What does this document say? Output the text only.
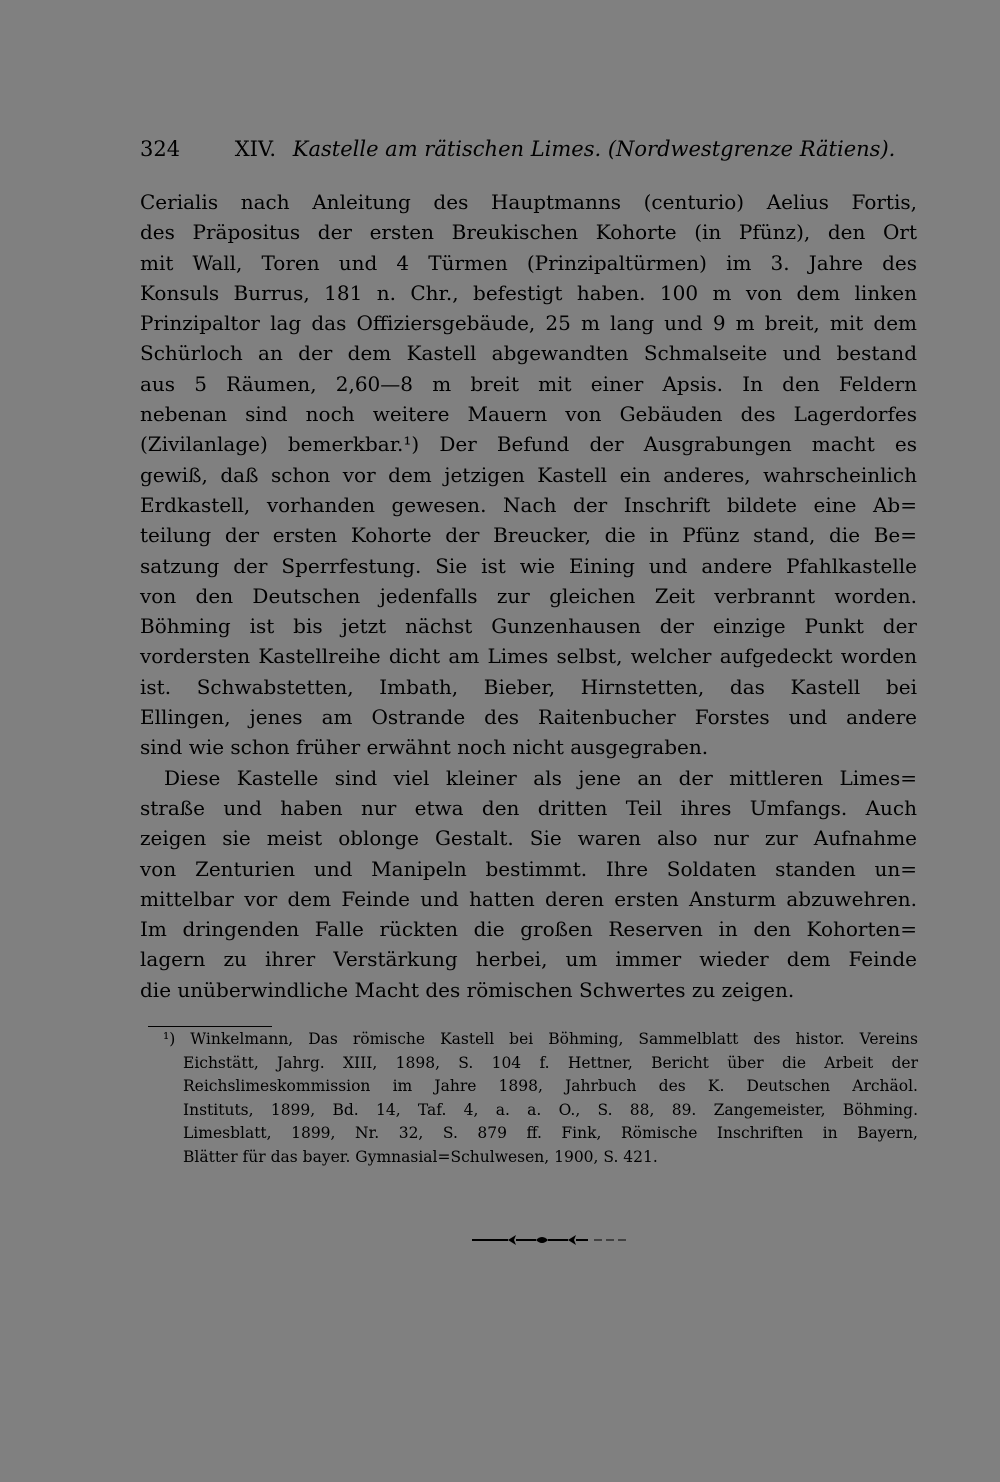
324	XIV. Kastelle am rätischen Limes. (Nordwestgrenze Rätiens).
Cerialis nach Anleitung des Hauptmanns (centurio) Aelius Fortis,
des Präpositus der ersten Breukischen Kohorte (in Pfünz), den Ort
mit Wall, Toren und 4 Türmen (Prinzipaltürmen) im 3. Jahre des
Konsuls Burrus, 181 n. Chr., befestigt haben. 100 m von dem linken
Prinzipaltor lag das Offiziersgebäude, 25 m lang und 9 m breit, mit dem
Schürloch an der dem Kastell abgewandten Schmalseite und bestand
aus 5 Räumen, 2,60—8 m breit mit einer Apsis. In den Feldern
nebenan sind noch weitere Mauern von Gebäuden des Lagerdorfes
(Zivilanlage) bemerkbar.¹) Der Befund der Ausgrabungen macht es
gewiß, daß schon vor dem jetzigen Kastell ein anderes, wahrscheinlich
Erdkastell, vorhanden gewesen. Nach der Inschrift bildete eine Ab=
teilung der ersten Kohorte der Breucker, die in Pfünz stand, die Be=
satzung der Sperrfestung. Sie ist wie Eining und andere Pfahlkastelle
von den Deutschen jedenfalls zur gleichen Zeit verbrannt worden.
Böhming ist bis jetzt nächst Gunzenhausen der einzige Punkt der
vordersten Kastellreihe dicht am Limes selbst, welcher aufgedeckt worden
ist. Schwabstetten, Imbath, Bieber, Hirnstetten, das Kastell bei
Ellingen, jenes am Ostrande des Raitenbucher Forstes und andere
sind wie schon früher erwähnt noch nicht ausgegraben.
Diese Kastelle sind viel kleiner als jene an der mittleren Limes=
straße und haben nur etwa den dritten Teil ihres Umfangs. Auch
zeigen sie meist oblonge Gestalt. Sie waren also nur zur Aufnahme
von Zenturien und Manipeln bestimmt. Ihre Soldaten standen un=
mittelbar vor dem Feinde und hatten deren ersten Ansturm abzuwehren.
Im dringenden Falle rückten die großen Reserven in den Kohorten=
lagern zu ihrer Verstärkung herbei, um immer wieder dem Feinde
die unüberwindliche Macht des römischen Schwertes zu zeigen.
¹) Winkelmann, Das römische Kastell bei Böhming, Sammelblatt des histor. Vereins
Eichstätt, Jahrg. XIII, 1898, S. 104 f. Hettner, Bericht über die Arbeit der
Reichslimeskommission im Jahre 1898, Jahrbuch des K. Deutschen Archäol.
Instituts, 1899, Bd. 14, Taf. 4, a. a. O., S. 88, 89. Zangemeister, Böhming.
Limesblatt, 1899, Nr. 32, S. 879 ff. Fink, Römische Inschriften in Bayern,
Blätter für das bayer. Gymnasial=Schulwesen, 1900, S. 421.
